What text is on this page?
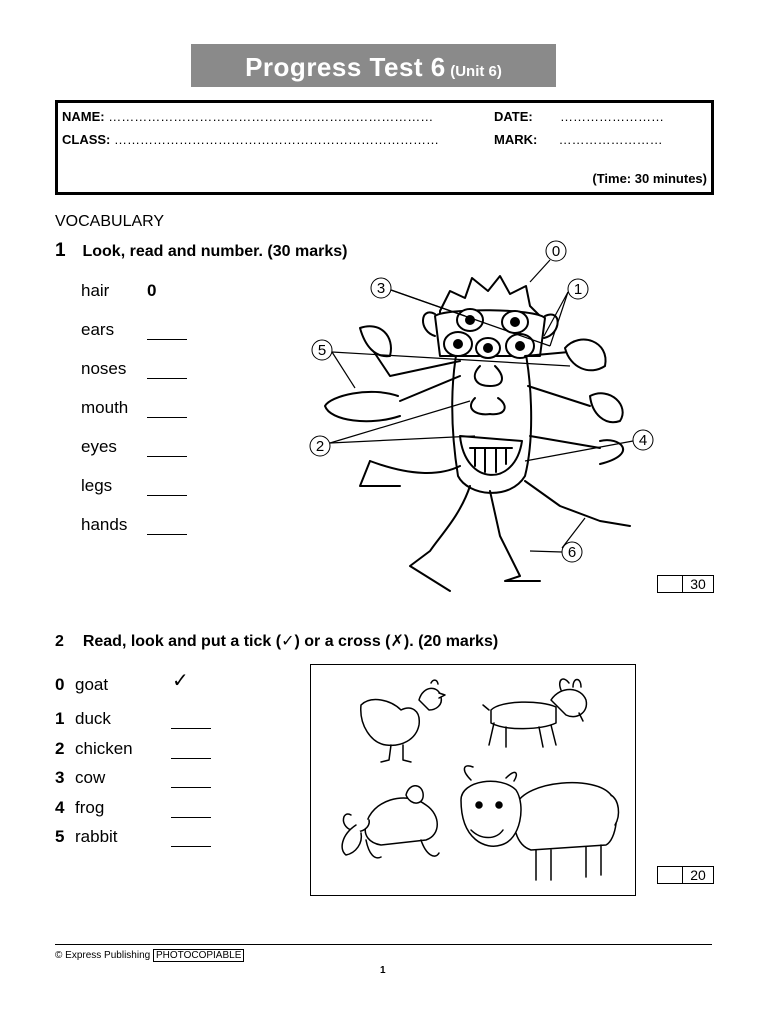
Progress Test 6 (Unit 6)
NAME: …………………………………………………………………	DATE: ……………………
CLASS: …………………………………………………………………	MARK: ……………………
(Time: 30 minutes)
VOCABULARY
1 Look, read and number. (30 marks)
hair 0
ears
noses
mouth
eyes
legs
hands
0
1
2
3
4
5
6
30
2 Read, look and put a tick (✓) or a cross (✗). (20 marks)
0 goat	✓
1 duck
2 chicken
3 cow
4 frog
5 rabbit
20
© Express Publishing PHOTOCOPIABLE
1
